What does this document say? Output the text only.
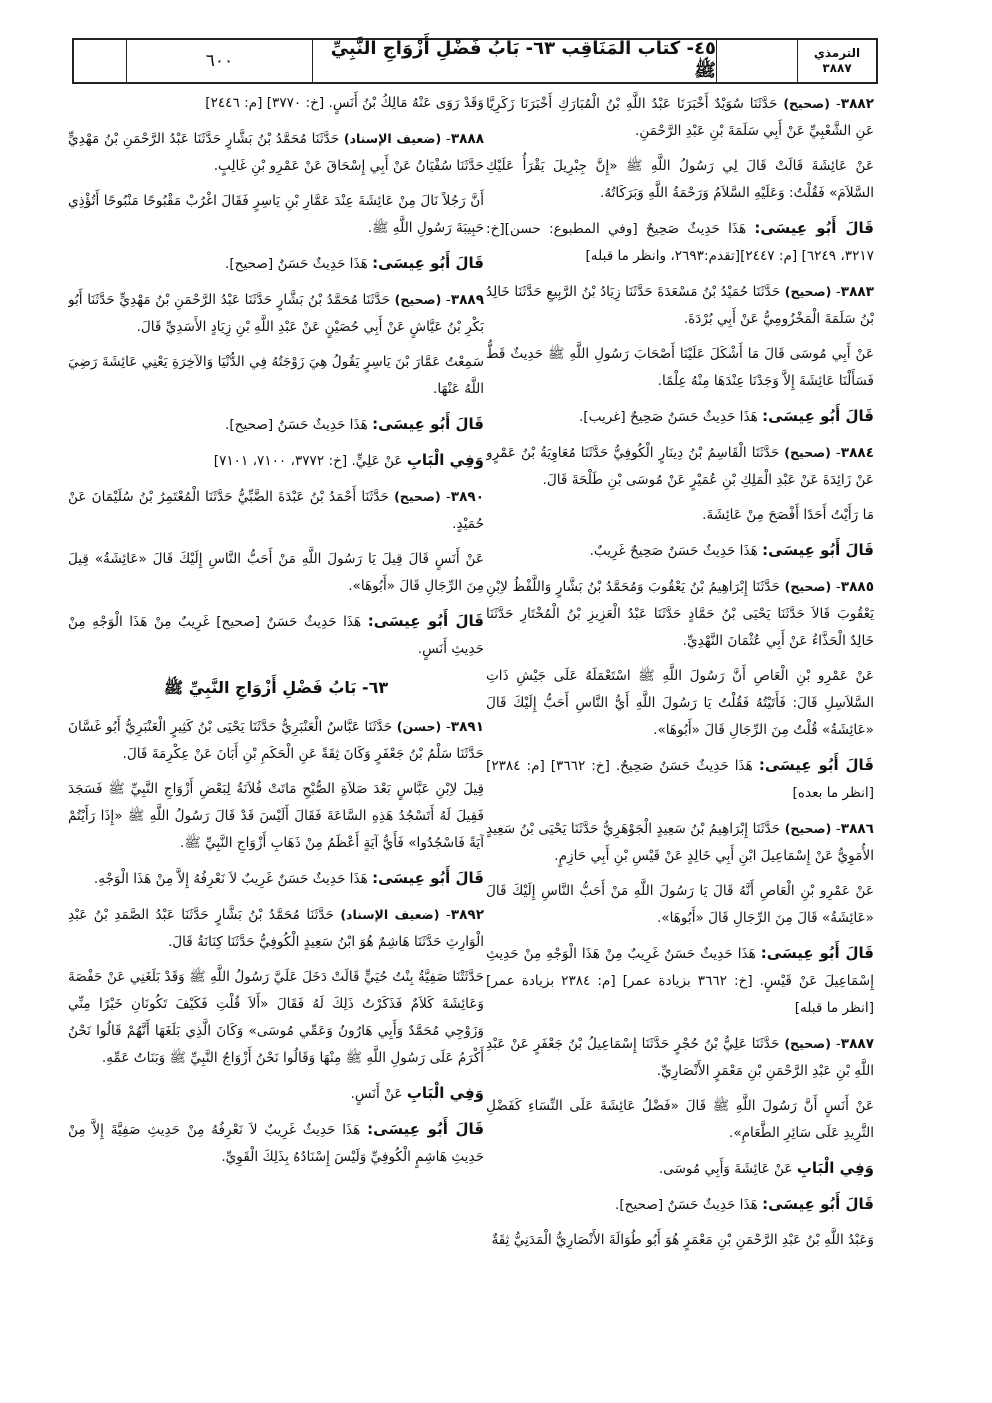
٦٠٠
٤٥- كتاب المَنَاقِب ٦٣- بَابُ فَضْلِ أَزْوَاجِ النَّبِيِّ ﷺ
الترمذي
٣٨٨٧

٣٨٨٢- (صحيح) حَدَّثَنَا سُوَيْدٌ أَخْبَرَنَا عَبْدُ اللَّهِ بْنُ الْمُبَارَكِ أَخْبَرَنَا زَكَرِيَّا عَنِ الشَّعْبِيِّ عَنْ أَبِي سَلَمَةَ بْنِ عَبْدِ الرَّحْمَنِ.

عَنْ عَائِشَةَ قَالَتْ قَالَ لِي رَسُولُ اللَّهِ ﷺ «إِنَّ جِبْرِيلَ يَقْرَأُ عَلَيْكِ السَّلاَمَ» فَقُلْتُ: وَعَلَيْهِ السَّلاَمُ وَرَحْمَةُ اللَّهِ وَبَرَكَاتُهُ.

قَالَ أَبُو عِيسَى: هَذَا حَدِيثٌ صَحِيحٌ [وفي المطبوع: حسن][خ: ٣٢١٧، ٦٢٤٩] [م: ٢٤٤٧][تقدم:٢٦٩٣، وانظر ما قبله]

٣٨٨٣- (صحيح) حَدَّثَنَا حُمَيْدُ بْنُ مَسْعَدَةَ حَدَّثَنَا زِيَادُ بْنُ الرَّبِيعِ حَدَّثَنَا خَالِدُ بْنُ سَلَمَةَ الْمَخْزُومِيُّ عَنْ أَبِي بُرْدَةَ.

عَنْ أَبِي مُوسَى قَالَ مَا أَشْكَلَ عَلَيْنَا أَصْحَابَ رَسُولِ اللَّهِ ﷺ حَدِيثٌ قَطُّ فَسَأَلْنَا عَائِشَةَ إِلاَّ وَجَدْنَا عِنْدَهَا مِنْهُ عِلْمًا.

قَالَ أَبُو عِيسَى: هَذَا حَدِيثٌ حَسَنٌ صَحِيحٌ [غريب].

٣٨٨٤- (صحيح) حَدَّثَنَا الْقَاسِمُ بْنُ دِينَارٍ الْكُوفِيُّ حَدَّثَنَا مُعَاوِيَةُ بْنُ عَمْرٍو عَنْ زَائِدَةَ عَنْ عَبْدِ الْمَلِكِ بْنِ عُمَيْرٍ عَنْ مُوسَى بْنِ طَلْحَةَ قَالَ.

مَا رَأَيْتُ أَحَدًا أَفْصَحَ مِنْ عَائِشَةَ.

قَالَ أَبُو عِيسَى: هَذَا حَدِيثٌ حَسَنٌ صَحِيحٌ غَرِيبٌ.

٣٨٨٥- (صحيح) حَدَّثَنَا إِبْرَاهِيمُ بْنُ يَعْقُوبَ وَمُحَمَّدُ بْنُ بَشَّارٍ وَاللَّفْظُ لاِبْنِ يَعْقُوبَ قَالاَ حَدَّثَنَا يَحْيَى بْنُ حَمَّادٍ حَدَّثَنَا عَبْدُ الْعَزِيزِ بْنُ الْمُخْتَارِ حَدَّثَنَا خَالِدٌ الْحَذَّاءُ عَنْ أَبِي عُثْمَانَ النَّهْدِيِّ.

عَنْ عَمْرِو بْنِ الْعَاصِ أَنَّ رَسُولَ اللَّهِ ﷺ اسْتَعْمَلَهُ عَلَى جَيْشِ ذَاتِ السَّلاَسِلِ قَالَ: فَأَتَيْتُهُ فَقُلْتُ يَا رَسُولَ اللَّهِ أَيُّ النَّاسِ أَحَبُّ إِلَيْكَ قَالَ «عَائِشَةُ» قُلْتُ مِنَ الرِّجَالِ قَالَ «أَبُوهَا».

قَالَ أَبُو عِيسَى: هَذَا حَدِيثٌ حَسَنٌ صَحِيحٌ. [خ: ٣٦٦٢] [م: ٢٣٨٤] [انظر ما بعده]

٣٨٨٦- (صحيح) حَدَّثَنَا إِبْرَاهِيمُ بْنُ سَعِيدٍ الْجَوْهَرِيُّ حَدَّثَنَا يَحْيَى بْنُ سَعِيدٍ الأُمَوِيُّ عَنْ إِسْمَاعِيلَ ابْنِ أَبِي خَالِدٍ عَنْ قَيْسِ بْنِ أَبِي حَازِمٍ.

عَنْ عَمْرِو بْنِ الْعَاصِ أَنَّهُ قَالَ يَا رَسُولَ اللَّهِ مَنْ أَحَبُّ النَّاسِ إِلَيْكَ قَالَ «عَائِشَةُ» قَالَ مِنَ الرِّجَالِ قَالَ «أَبُوهَا».

قَالَ أَبُو عِيسَى: هَذَا حَدِيثٌ حَسَنٌ غَرِيبٌ مِنْ هَذَا الْوَجْهِ مِنْ حَدِيثِ إِسْمَاعِيلَ عَنْ قَيْسٍ. [خ: ٣٦٦٢ بزيادة عمر] [م: ٢٣٨٤ بزيادة عمر] [انظر ما قبله]

٣٨٨٧- (صحيح) حَدَّثَنَا عَلِيُّ بْنُ حُجْرٍ حَدَّثَنَا إِسْمَاعِيلُ بْنُ جَعْفَرٍ عَنْ عَبْدِ اللَّهِ بْنِ عَبْدِ الرَّحْمَنِ بْنِ مَعْمَرٍ الأَنْصَارِيِّ.

عَنْ أَنَسٍ أَنَّ رَسُولَ اللَّهِ ﷺ قَالَ «فَضْلُ عَائِشَةَ عَلَى النِّسَاءِ كَفَضْلِ الثَّرِيدِ عَلَى سَائِرِ الطَّعَامِ».

وَفِي الْبَابِ عَنْ عَائِشَةَ وَأَبِي مُوسَى.

قَالَ أَبُو عِيسَى: هَذَا حَدِيثٌ حَسَنٌ [صحيح].

وَعَبْدُ اللَّهِ بْنُ عَبْدِ الرَّحْمَنِ بْنِ مَعْمَرٍ هُوَ أَبُو طُوَالَةَ الأَنْصَارِيُّ الْمَدَنِيُّ ثِقَةٌ

وَقَدْ رَوَى عَنْهُ مَالِكُ بْنُ أَنَسٍ. [خ: ٣٧٧٠] [م: ٢٤٤٦]

٣٨٨٨- (ضعيف الإسناد) حَدَّثَنَا مُحَمَّدُ بْنُ بَشَّارٍ حَدَّثَنَا عَبْدُ الرَّحْمَنِ بْنُ مَهْدِيٍّ حَدَّثَنَا سُفْيَانُ عَنْ أَبِي إِسْحَاقَ عَنْ عَمْرِو بْنِ غَالِبٍ.

أَنَّ رَجُلاً نَالَ مِنْ عَائِشَةَ عِنْدَ عَمَّارِ بْنِ يَاسِرٍ فَقَالَ اغْرُبْ مَقْبُوحًا مَنْبُوحًا أَتُؤْذِي حَبِيبَةَ رَسُولِ اللَّهِ ﷺ.

قَالَ أَبُو عِيسَى: هَذَا حَدِيثٌ حَسَنٌ [صحيح].

٣٨٨٩- (صحيح) حَدَّثَنَا مُحَمَّدُ بْنُ بَشَّارٍ حَدَّثَنَا عَبْدُ الرَّحْمَنِ بْنُ مَهْدِيٍّ حَدَّثَنَا أَبُو بَكْرِ بْنُ عَيَّاشٍ عَنْ أَبِي حُصَيْنٍ عَنْ عَبْدِ اللَّهِ بْنِ زِيَادٍ الأَسَدِيِّ قَالَ.

سَمِعْتُ عَمَّارَ بْنَ يَاسِرٍ يَقُولُ هِيَ زَوْجَتُهُ فِي الدُّنْيَا وَالآخِرَةِ يَعْنِي عَائِشَةَ رَضِيَ اللَّهُ عَنْهَا.

قَالَ أَبُو عِيسَى: هَذَا حَدِيثٌ حَسَنٌ [صحيح].

وَفِي الْبَابِ عَنْ عَلِيٍّ. [خ: ٣٧٧٢، ٧١٠٠، ٧١٠١]

٣٨٩٠- (صحيح) حَدَّثَنَا أَحْمَدُ بْنُ عَبْدَةَ الضَّبِّيُّ حَدَّثَنَا الْمُعْتَمِرُ بْنُ سُلَيْمَانَ عَنْ حُمَيْدٍ.

عَنْ أَنَسٍ قَالَ قِيلَ يَا رَسُولَ اللَّهِ مَنْ أَحَبُّ النَّاسِ إِلَيْكَ قَالَ «عَائِشَةُ» قِيلَ مِنَ الرِّجَالِ قَالَ «أَبُوهَا».

قَالَ أَبُو عِيسَى: هَذَا حَدِيثٌ حَسَنٌ [صحيح] غَرِيبٌ مِنْ هَذَا الْوَجْهِ مِنْ حَدِيثِ أَنَسٍ.

٦٣- بَابُ فَضْلِ أَزْوَاجِ النَّبِيِّ ﷺ

٣٨٩١- (حسن) حَدَّثَنَا عَبَّاسٌ الْعَنْبَرِيُّ حَدَّثَنَا يَحْيَى بْنُ كَثِيرٍ الْعَنْبَرِيُّ أَبُو غَسَّانَ حَدَّثَنَا سَلْمُ بْنُ جَعْفَرٍ وَكَانَ ثِقَةً عَنِ الْحَكَمِ بْنِ أَبَانَ عَنْ عِكْرِمَةَ قَالَ.

قِيلَ لاِبْنِ عَبَّاسٍ بَعْدَ صَلاَةِ الصُّبْحِ مَاتَتْ فُلاَنَةُ لِبَعْضِ أَزْوَاجِ النَّبِيِّ ﷺ فَسَجَدَ فَقِيلَ لَهُ أَتَسْجُدُ هَذِهِ السَّاعَةَ فَقَالَ أَلَيْسَ قَدْ قَالَ رَسُولُ اللَّهِ ﷺ «إِذَا رَأَيْتُمْ آيَةً فَاسْجُدُوا» فَأَيُّ آيَةٍ أَعْظَمُ مِنْ ذَهَابِ أَزْوَاجِ النَّبِيِّ ﷺ.

قَالَ أَبُو عِيسَى: هَذَا حَدِيثٌ حَسَنٌ غَرِيبٌ لاَ نَعْرِفُهُ إِلاَّ مِنْ هَذَا الْوَجْهِ.

٣٨٩٢- (ضعيف الإسناد) حَدَّثَنَا مُحَمَّدُ بْنُ بَشَّارٍ حَدَّثَنَا عَبْدُ الصَّمَدِ بْنُ عَبْدِ الْوَارِثِ حَدَّثَنَا هَاشِمٌ هُوَ ابْنُ سَعِيدٍ الْكُوفِيُّ حَدَّثَنَا كِنَانَةُ قَالَ.

حَدَّثَتْنَا صَفِيَّةُ بِنْتُ حُيَيٍّ قَالَتْ دَخَلَ عَلَيَّ رَسُولُ اللَّهِ ﷺ وَقَدْ بَلَغَنِي عَنْ حَفْصَةَ وَعَائِشَةَ كَلاَمٌ فَذَكَرْتُ ذَلِكَ لَهُ فَقَالَ «أَلاَ قُلْتِ فَكَيْفَ تَكُونَانِ خَيْرًا مِنِّي وَزَوْجِي مُحَمَّدٌ وَأَبِي هَارُونُ وَعَمِّي مُوسَى» وَكَانَ الَّذِي بَلَغَهَا أَنَّهُمْ قَالُوا نَحْنُ أَكْرَمُ عَلَى رَسُولِ اللَّهِ ﷺ مِنْهَا وَقَالُوا نَحْنُ أَزْوَاجُ النَّبِيِّ ﷺ وَبَنَاتُ عَمِّهِ.

وَفِي الْبَابِ عَنْ أَنَسٍ.

قَالَ أَبُو عِيسَى: هَذَا حَدِيثٌ غَرِيبٌ لاَ نَعْرِفُهُ مِنْ حَدِيثِ صَفِيَّةَ إِلاَّ مِنْ حَدِيثِ هَاشِمٍ الْكُوفِيِّ وَلَيْسَ إِسْنَادُهُ بِذَلِكَ الْقَوِيِّ.
